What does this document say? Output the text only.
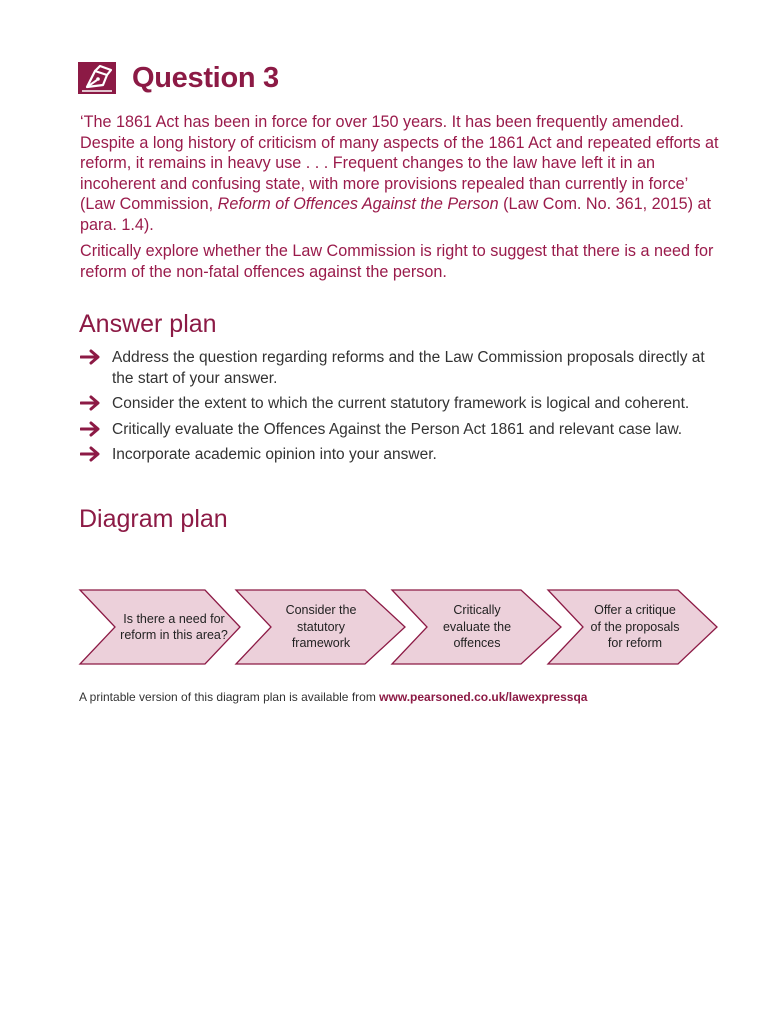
Question 3

‘The 1861 Act has been in force for over 150 years. It has been frequently amended. Despite a long history of criticism of many aspects of the 1861 Act and repeated efforts at reform, it remains in heavy use . . . Frequent changes to the law have left it in an incoherent and confusing state, with more provisions repealed than currently in force’ (Law Commission, Reform of Offences Against the Person (Law Com. No. 361, 2015) at para. 1.4).

Critically explore whether the Law Commission is right to suggest that there is a need for reform of the non-fatal offences against the person.

Answer plan
Address the question regarding reforms and the Law Commission proposals directly at the start of your answer.
Consider the extent to which the current statutory framework is logical and coherent.
Critically evaluate the Offences Against the Person Act 1861 and relevant case law.
Incorporate academic opinion into your answer.
Diagram plan
Is there a need for
reform in this area?
Consider the
statutory
framework
Critically
evaluate the
offences
Offer a critique
of the proposals
for reform
A printable version of this diagram plan is available from www.pearsoned.co.uk/lawexpressqa
